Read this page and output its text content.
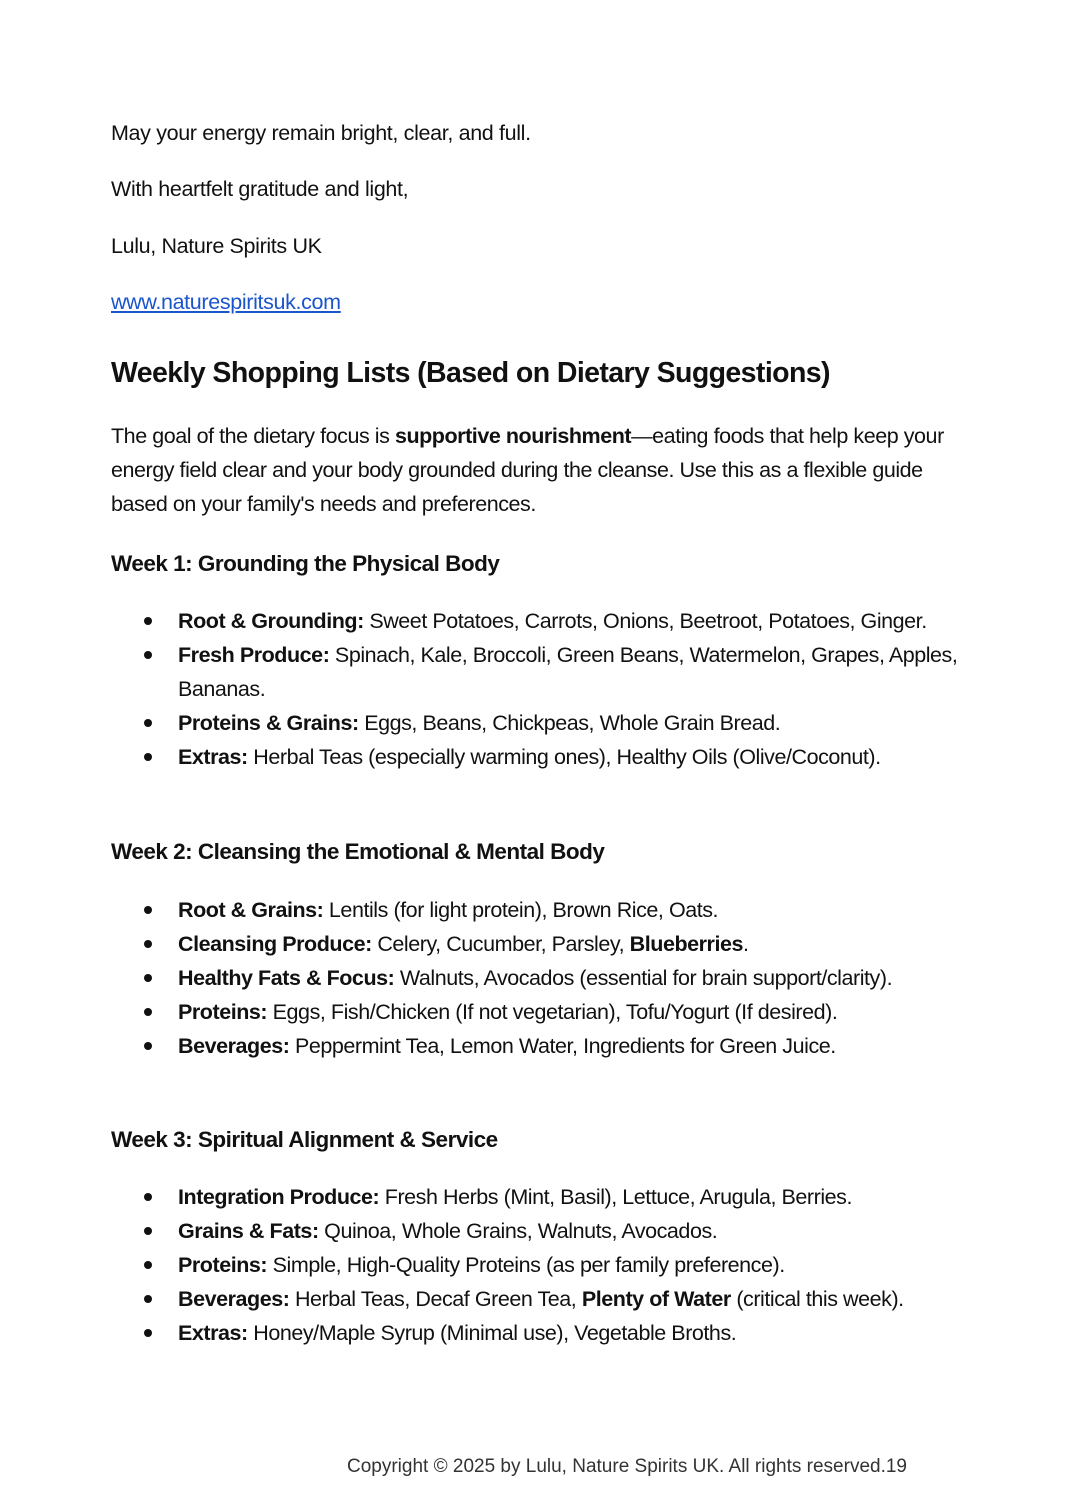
May your energy remain bright, clear, and full.
With heartfelt gratitude and light,
Lulu, Nature Spirits UK
www.naturespiritsuk.com
Weekly Shopping Lists (Based on Dietary Suggestions)
The goal of the dietary focus is supportive nourishment—eating foods that help keep your energy field clear and your body grounded during the cleanse. Use this as a flexible guide based on your family's needs and preferences.
Week 1: Grounding the Physical Body
Root & Grounding: Sweet Potatoes, Carrots, Onions, Beetroot, Potatoes, Ginger.
Fresh Produce: Spinach, Kale, Broccoli, Green Beans, Watermelon, Grapes, Apples, Bananas.
Proteins & Grains: Eggs, Beans, Chickpeas, Whole Grain Bread.
Extras: Herbal Teas (especially warming ones), Healthy Oils (Olive/Coconut).
Week 2: Cleansing the Emotional & Mental Body
Root & Grains: Lentils (for light protein), Brown Rice, Oats.
Cleansing Produce: Celery, Cucumber, Parsley, Blueberries.
Healthy Fats & Focus: Walnuts, Avocados (essential for brain support/clarity).
Proteins: Eggs, Fish/Chicken (If not vegetarian), Tofu/Yogurt (If desired).
Beverages: Peppermint Tea, Lemon Water, Ingredients for Green Juice.
Week 3: Spiritual Alignment & Service
Integration Produce: Fresh Herbs (Mint, Basil), Lettuce, Arugula, Berries.
Grains & Fats: Quinoa, Whole Grains, Walnuts, Avocados.
Proteins: Simple, High-Quality Proteins (as per family preference).
Beverages: Herbal Teas, Decaf Green Tea, Plenty of Water (critical this week).
Extras: Honey/Maple Syrup (Minimal use), Vegetable Broths.
Copyright © 2025 by Lulu, Nature Spirits UK. All rights reserved.19
